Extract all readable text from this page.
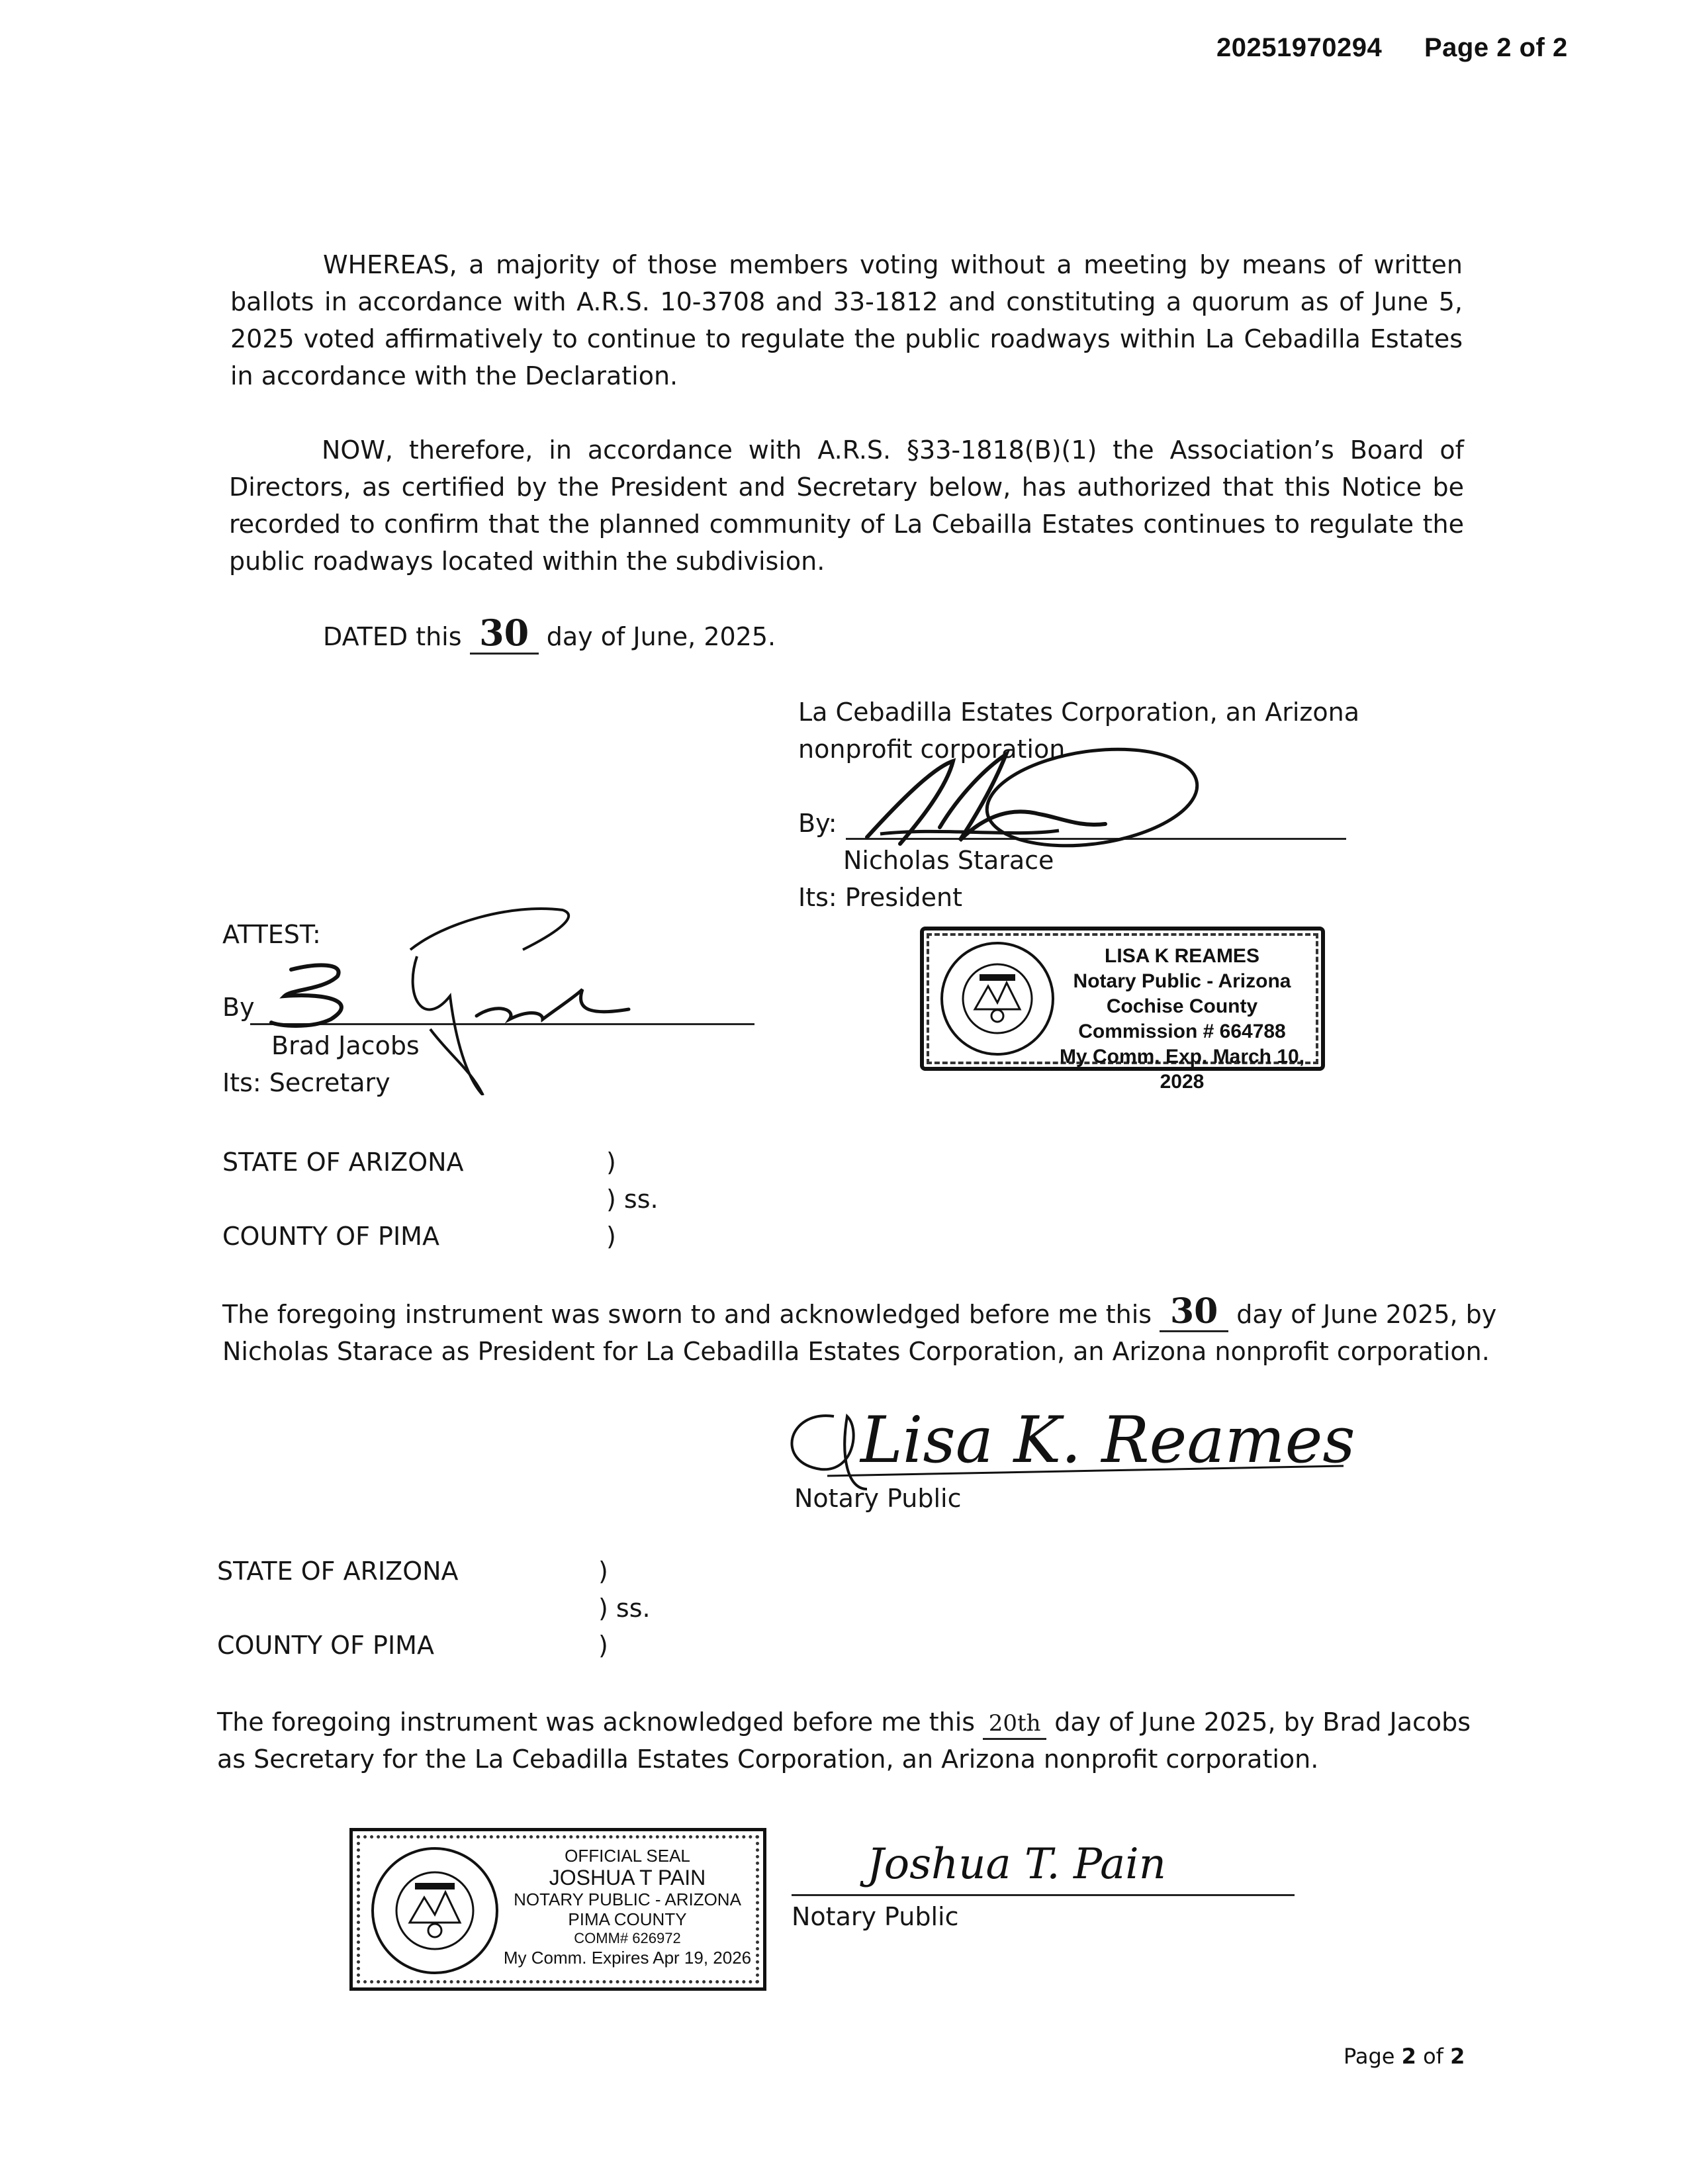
20251970294 Page 2 of 2
WHEREAS, a majority of those members voting without a meeting by means of written ballots in accordance with A.R.S. 10-3708 and 33-1812 and constituting a quorum as of June 5, 2025 voted affirmatively to continue to regulate the public roadways within La Cebadilla Estates in accordance with the Declaration.
NOW, therefore, in accordance with A.R.S. §33-1818(B)(1) the Association’s Board of Directors, as certified by the President and Secretary below, has authorized that this Notice be recorded to confirm that the planned community of La Cebailla Estates continues to regulate the public roadways located within the subdivision.
DATED this 30 day of June, 2025.
La Cebadilla Estates Corporation, an Arizona
nonprofit corporation
By:
Nicholas Starace
Its: President
LISA K REAMES
Notary Public - Arizona
Cochise County
Commission # 664788
My Comm. Exp. March 10, 2028
ATTEST:
By
Brad Jacobs
Its: Secretary
STATE OF ARIZONA	)
) ss.
COUNTY OF PIMA	)
The foregoing instrument was sworn to and acknowledged before me this 30 day of June 2025, by
Nicholas Starace as President for La Cebadilla Estates Corporation, an Arizona nonprofit corporation.
Lisa K. Reames
Notary Public
STATE OF ARIZONA	)
) ss.
COUNTY OF PIMA	)
The foregoing instrument was acknowledged before me this 20th day of June 2025, by Brad Jacobs
as Secretary for the La Cebadilla Estates Corporation, an Arizona nonprofit corporation.
OFFICIAL SEAL
JOSHUA T PAIN
NOTARY PUBLIC - ARIZONA
PIMA COUNTY
COMM# 626972
My Comm. Expires Apr 19, 2026
Joshua T. Pain
Notary Public
Page 2 of 2
